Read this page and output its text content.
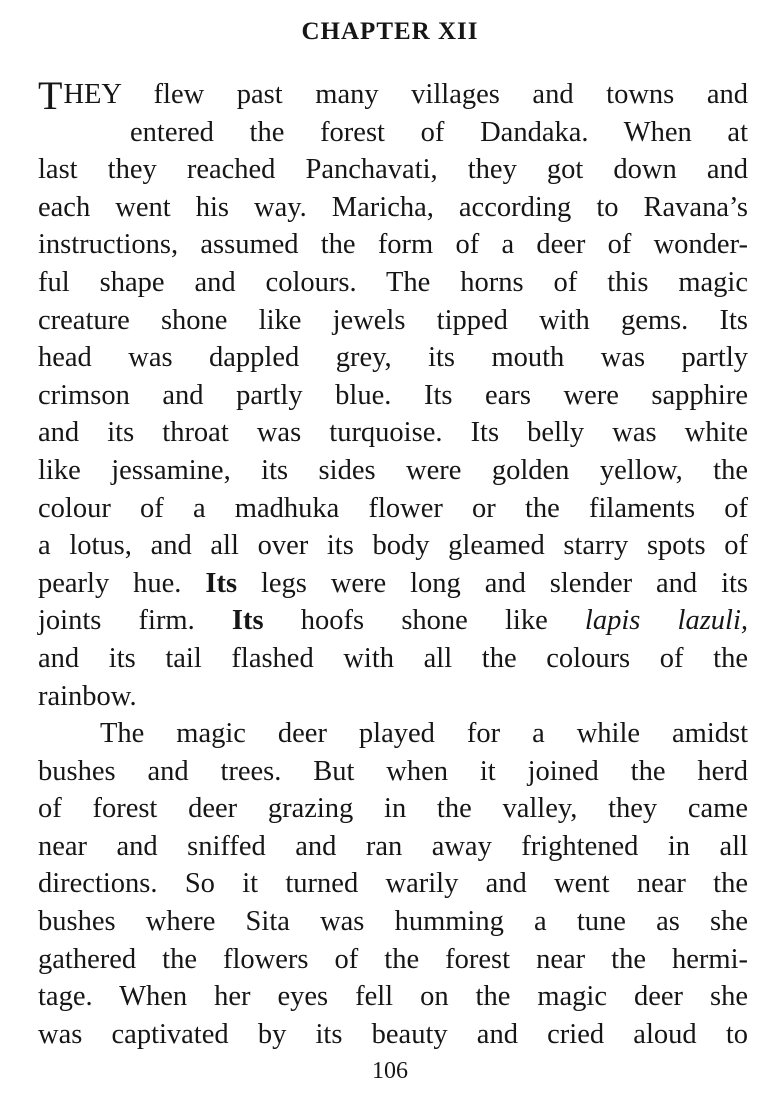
CHAPTER XII
THEY flew past many villages and towns and
entered the forest of Dandaka. When at
last they reached Panchavati, they got down and
each went his way. Maricha, according to Ravana’s
instructions, assumed the form of a deer of wonder-
ful shape and colours. The horns of this magic
creature shone like jewels tipped with gems. Its
head was dappled grey, its mouth was partly
crimson and partly blue. Its ears were sapphire
and its throat was turquoise. Its belly was white
like jessamine, its sides were golden yellow, the
colour of a madhuka flower or the filaments of
a lotus, and all over its body gleamed starry spots of
pearly hue. Its legs were long and slender and its
joints firm. Its hoofs shone like lapis lazuli,
and its tail flashed with all the colours of the
rainbow.
The magic deer played for a while amidst
bushes and trees. But when it joined the herd
of forest deer grazing in the valley, they came
near and sniffed and ran away frightened in all
directions. So it turned warily and went near the
bushes where Sita was humming a tune as she
gathered the flowers of the forest near the hermi-
tage. When her eyes fell on the magic deer she
was captivated by its beauty and cried aloud to
106
